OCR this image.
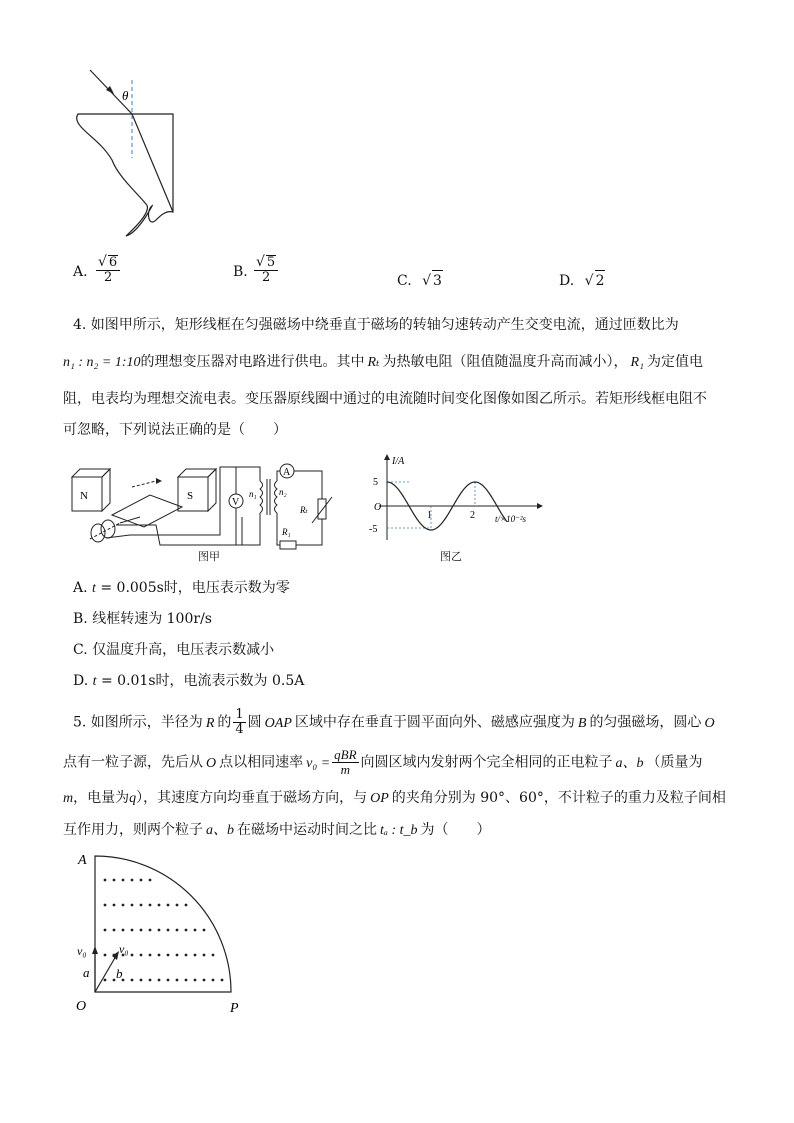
θ
A. $\frac{√ 6}{2}$	B. $\frac{√ 5}{2}$	C. √ 3	D. √ 2
4. 如图甲所示，矩形线框在匀强磁场中绕垂直于磁场的转轴匀速转动产生交变电流，通过匝数比为
n₁ : n₂ = 1:10的理想变压器对电路进行供电。其中 Rₜ 为热敏电阻（阻值随温度升高而减小）， R₁ 为定值电
阻，电表均为理想交流电表。变压器原线圈中通过的电流随时间变化图像如图乙所示。若矩形线框电阻不
可忽略，下列说法正确的是（　　）
N	S
V
n₁ n₂
A
Rₜ
R₁
图甲
I/A
t/×10⁻²s
5
-5
O
1	2
图乙
A. t = 0.005s时，电压表示数为零
B. 线框转速为 100r/s
C. 仅温度升高，电压表示数减小
D. t = 0.01s时，电流表示数为 0.5A
5. 如图所示，半径为 R 的 $\frac{1}{4}$ 圆 OAP 区域中存在垂直于圆平面向外、磁感应强度为 B 的匀强磁场，圆心 O
点有一粒子源，先后从 O 点以相同速率 $v_0 = \frac{\text{qBR}}{m}$ 向圆区域内发射两个完全相同的正电粒子 a、b （质量为
m，电量为q），其速度方向均垂直于磁场方向，与 OP 的夹角分别为 90°、60°，不计粒子的重力及粒子间相
互作用力，则两个粒子 a、b 在磁场中运动时间之比 tₐ : t_b 为（　　）
A
O	P
a b
v₀	v₀
